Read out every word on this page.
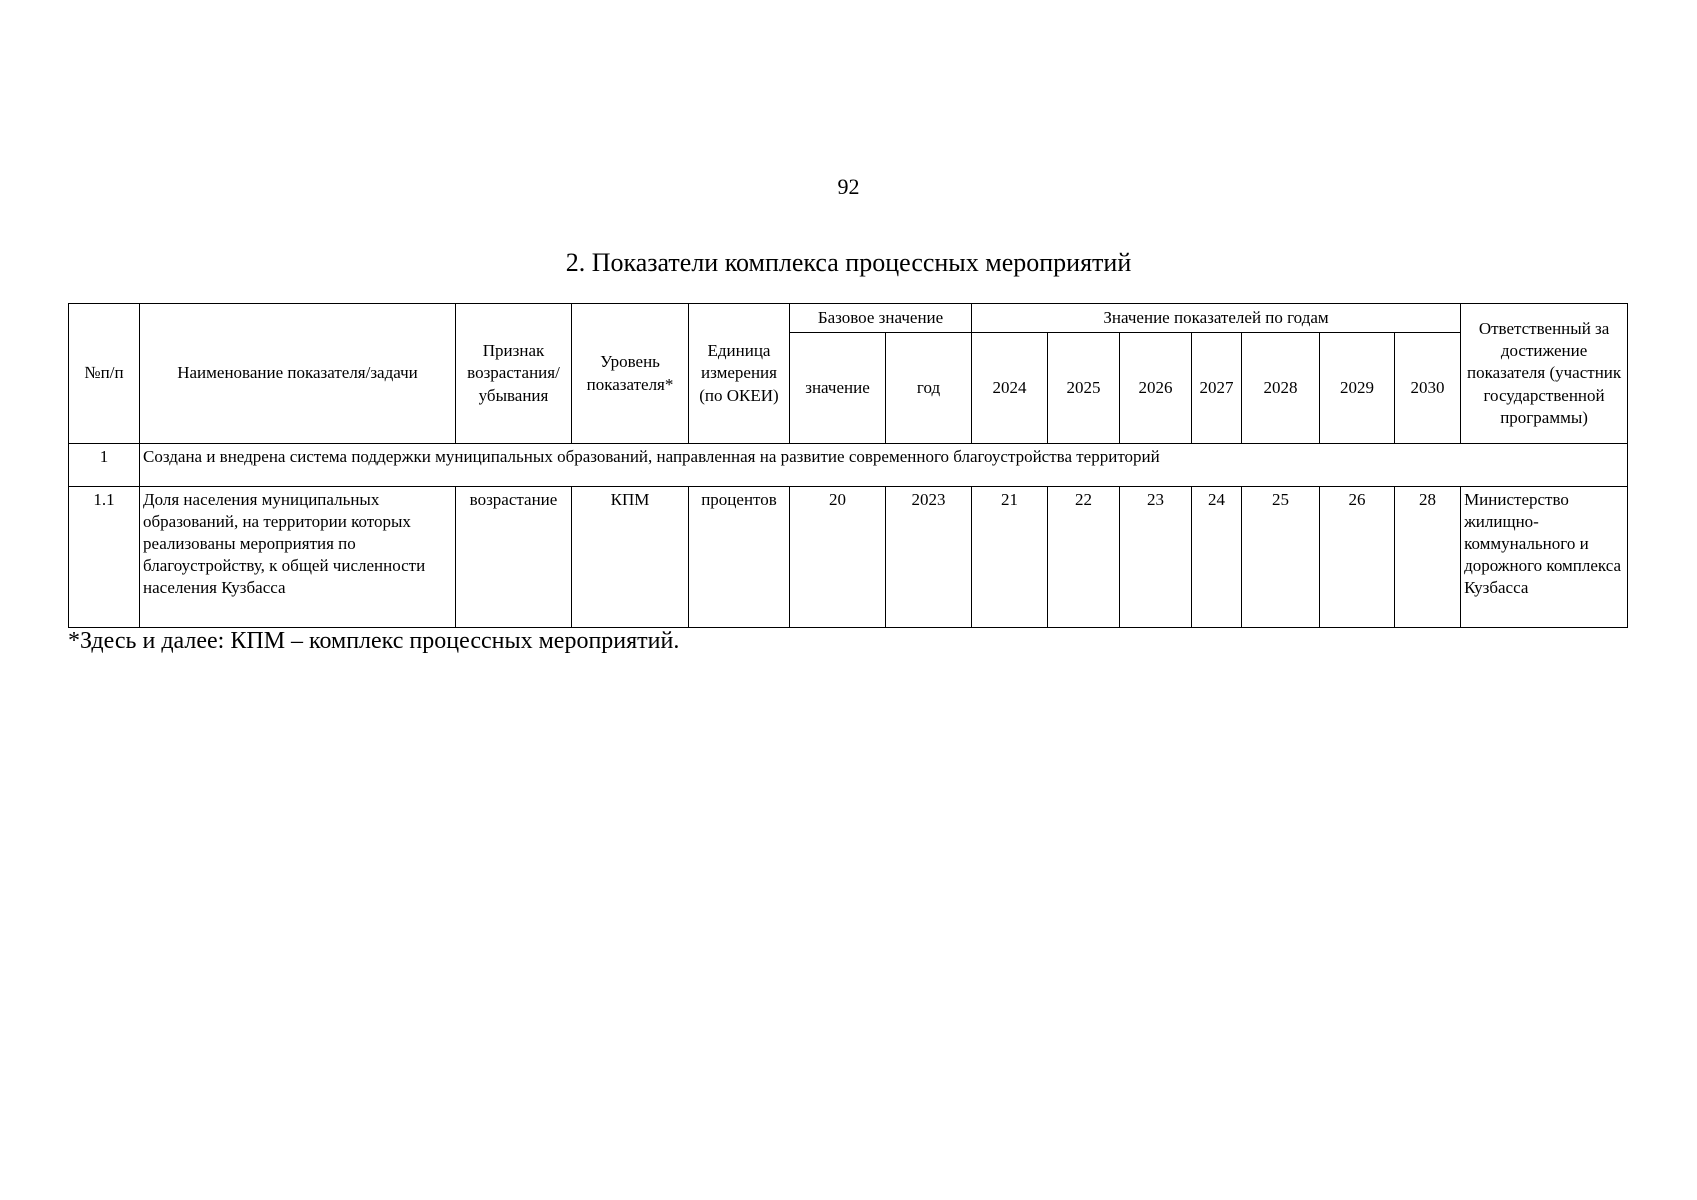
92
2. Показатели комплекса процессных мероприятий
№п/п	Наименование показателя/задачи	Признак возрастания/ убывания	Уровень показателя*	Единица измерения (по ОКЕИ)	Базовое значение		Значение показателей по годам							Ответственный за достижение показателя (участник государственной программы)
					значение	год	2024	2025	2026	2027	2028	2029	2030	
1	Создана и внедрена система поддержки муниципальных образований, направленная на развитие современного благоустройства территорий													
1.1	Доля населения муниципальных образований, на территории которых реализованы мероприятия по благоустройству, к общей численности населения Кузбасса	возрастание	КПМ	процентов	20	2023	21	22	23	24	25	26	28	Министерство жилищно-коммунального и дорожного комплекса Кузбасса
*Здесь и далее: КПМ – комплекс процессных мероприятий.
